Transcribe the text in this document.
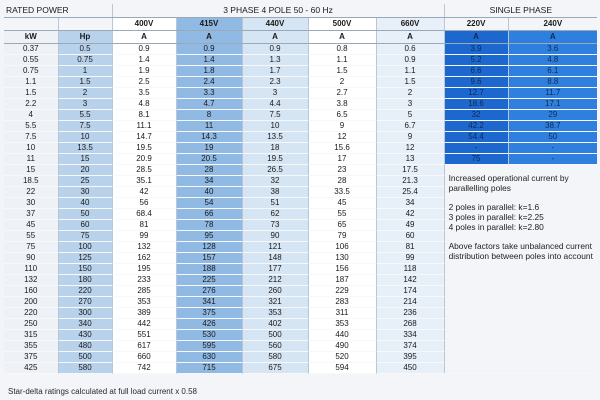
RATED POWER		3 PHASE 4 POLE 50 - 60 Hz					SINGLE PHASE	
		400V	415V	440V	500V	660V	220V	240V
kW	Hp	A	A	A	A	A	A	A
0.37	0.5	0.9	0.9	0.9	0.8	0.6	3.9	3.6
0.55	0.75	1.4	1.4	1.3	1.1	0.9	5.2	4.8
0.75	1	1.9	1.8	1.7	1.5	1.1	6.6	6.1
1.1	1.5	2.5	2.4	2.3	2	1.5	9.6	8.8
1.5	2	3.5	3.3	3	2.7	2	12.7	11.7
2.2	3	4.8	4.7	4.4	3.8	3	18.6	17.1
4	5.5	8.1	8	7.5	6.5	5	32	29
5.5	7.5	11.1	11	10	9	6.7	42.2	38.7
7.5	10	14.7	14.3	13.5	12	9	54.4	50
10	13.5	19.5	19	18	15.6	12	-	-
11	15	20.9	20.5	19.5	17	13	75	-
15	20	28.5	28	26.5	23	17.5	Increased operational current by parallelling poles

2 poles in parallel: k=1.6
3 poles in parallel: k=2.25
4 poles in parallel: k=2.80

Above factors take unbalanced current distribution between poles into account	

18.5	25	35.1	34	32	28	21.3		
22	30	42	40	38	33.5	25.4		
30	40	56	54	51	45	34		
37	50	68.4	66	62	55	42		
45	60	81	78	73	65	49		
55	75	99	95	90	79	60		
75	100	132	128	121	106	81		
90	125	162	157	148	130	99		
110	150	195	188	177	156	118		
132	180	233	225	212	187	142		
160	220	285	276	260	229	174		
200	270	353	341	321	283	214		
220	300	389	375	353	311	236		
250	340	442	426	402	353	268		
315	430	551	530	500	440	334		
355	480	617	595	560	490	374		
375	500	660	630	580	520	395		
425	580	742	715	675	594	450		
Star-delta ratings calculated at full load current x 0.58
